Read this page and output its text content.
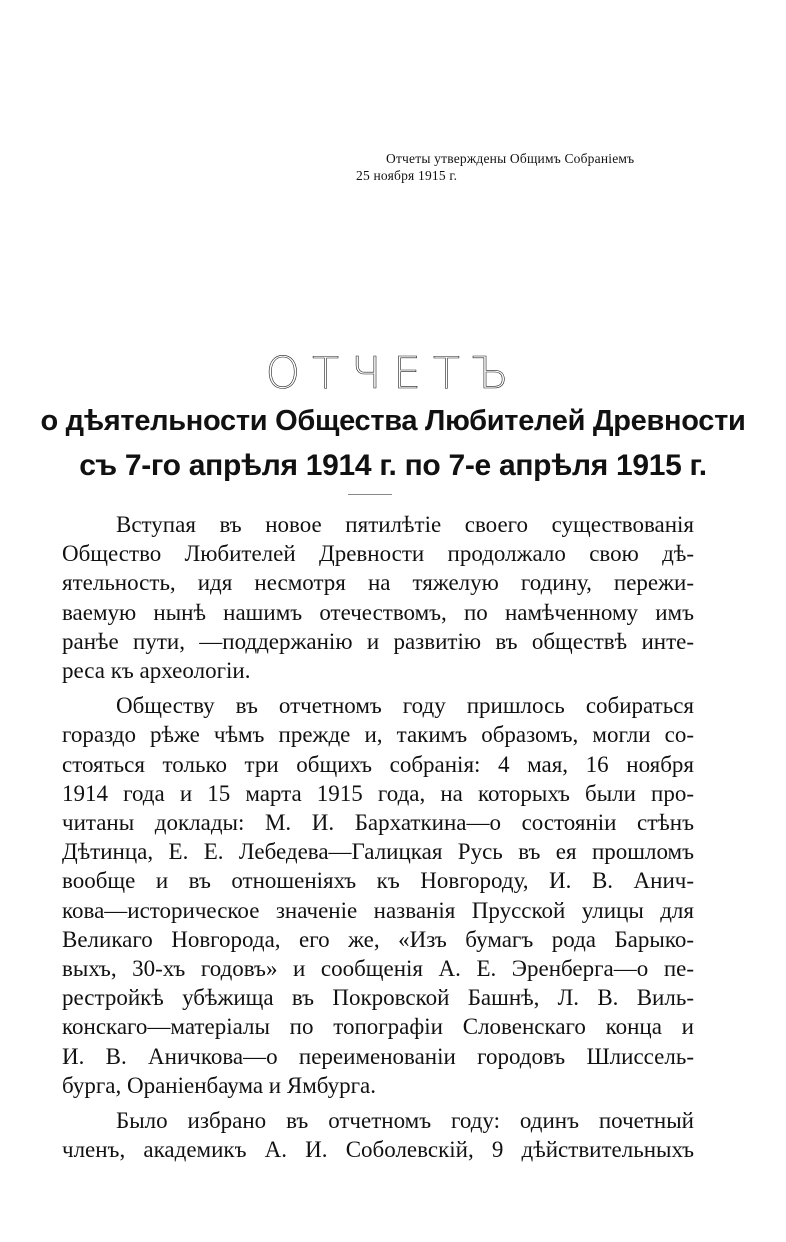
Отчеты утверждены Общимъ Собраніемъ
25 ноября 1915 г.
ОТЧЕТЪ
о дѣятельности Общества Любителей Древности
съ 7-го апрѣля 1914 г. по 7-е апрѣля 1915 г.
Вступая въ новое пятилѣтіе своего существованія
Общество Любителей Древности продолжало свою дѣ-
ятельность, идя несмотря на тяжелую годину, пережи-
ваемую нынѣ нашимъ отечествомъ, по намѣченному имъ
ранѣе пути, —поддержанію и развитію въ обществѣ инте-
реса къ археологіи.
Обществу въ отчетномъ году пришлось собираться
гораздо рѣже чѣмъ прежде и, такимъ образомъ, могли со-
стояться только три общихъ собранія: 4 мая, 16 ноября
1914 года и 15 марта 1915 года, на которыхъ были про-
читаны доклады: М. И. Бархаткина—о состояніи стѣнъ
Дѣтинца, Е. Е. Лебедева—Галицкая Русь въ ея прошломъ
вообще и въ отношеніяхъ къ Новгороду, И. В. Анич-
кова—историческое значеніе названія Прусской улицы для
Великаго Новгорода, его же, «Изъ бумагъ рода Барыко-
выхъ, 30-хъ годовъ» и сообщенія А. Е. Эренберга—о пе-
рестройкѣ убѣжища въ Покровской Башнѣ, Л. В. Виль-
конскаго—матеріалы по топографіи Словенскаго конца и
И. В. Аничкова—о переименованіи городовъ Шлиссель-
бурга, Ораніенбаума и Ямбурга.
Было избрано въ отчетномъ году: одинъ почетный
членъ, академикъ А. И. Соболевскій, 9 дѣйствительныхъ
